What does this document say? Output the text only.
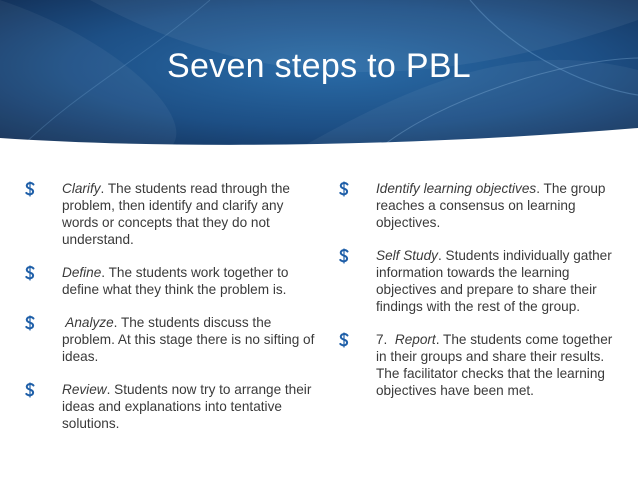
Seven steps to PBL
Clarify. The students read through the problem, then identify and clarify any words or concepts that they do not understand.
Define. The students work together to define what they think the problem is.
Analyze. The students discuss the problem. At this stage there is no sifting of ideas.
Review. Students now try to arrange their ideas and explanations into tentative solutions.
Identify learning objectives. The group reaches a consensus on learning objectives.
Self Study. Students individually gather information towards the learning objectives and prepare to share their findings with the rest of the group.
7.  Report. The students come together in their groups and share their results. The facilitator checks that the learning objectives have been met.
